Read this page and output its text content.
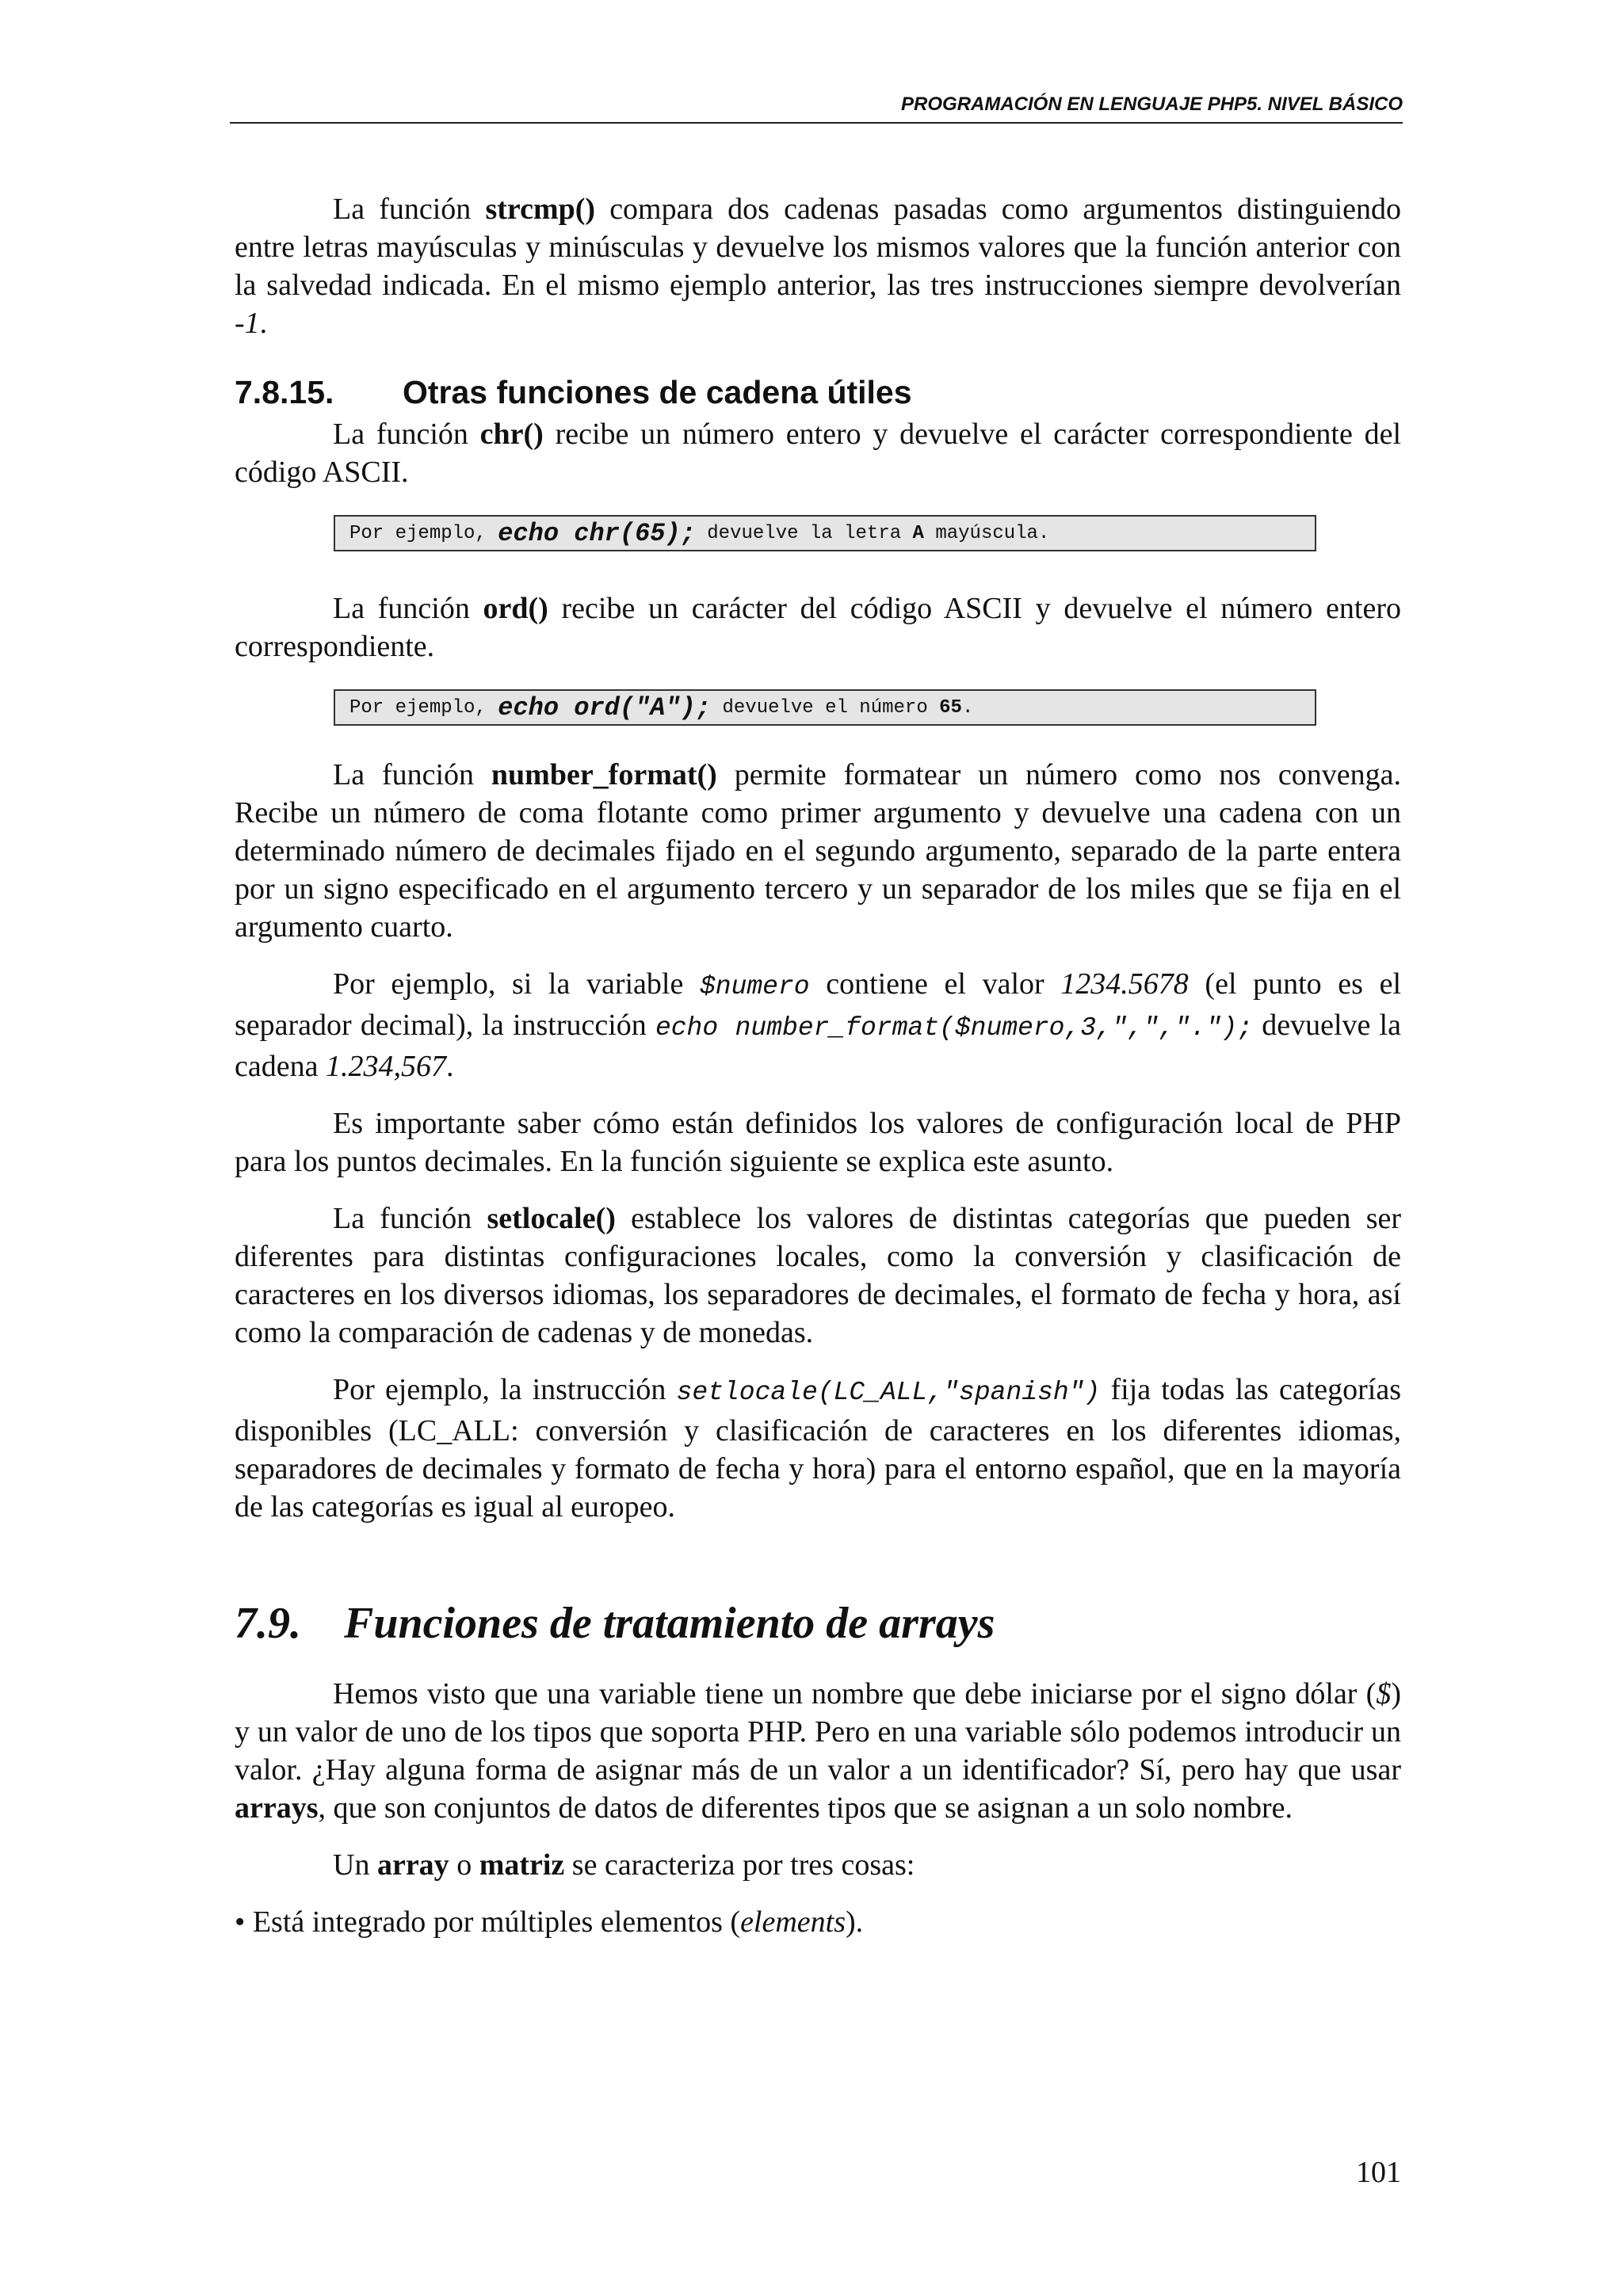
PROGRAMACIÓN EN LENGUAJE PHP5. NIVEL BÁSICO

La función strcmp() compara dos cadenas pasadas como argumentos distinguiendo entre letras mayúsculas y minúsculas y devuelve los mismos valores que la función anterior con la salvedad indicada. En el mismo ejemplo anterior, las tres instrucciones siempre devolverían -1.

7.8.15. Otras funciones de cadena útiles

La función chr() recibe un número entero y devuelve el carácter correspondiente del código ASCII.

Por ejemplo, echo chr(65); devuelve la letra A mayúscula.

La función ord() recibe un carácter del código ASCII y devuelve el número entero correspondiente.

Por ejemplo, echo ord("A"); devuelve el número 65 .

La función number_format() permite formatear un número como nos convenga. Recibe un número de coma flotante como primer argumento y devuelve una cadena con un determinado número de decimales fijado en el segundo argumento, separado de la parte entera por un signo especificado en el argumento tercero y un separador de los miles que se fija en el argumento cuarto.

Por ejemplo, si la variable $numero contiene el valor 1234.5678 (el punto es el separador decimal), la instrucción echo number_format($numero,3,",","."); devuelve la cadena 1.234,567.

Es importante saber cómo están definidos los valores de configuración local de PHP para los puntos decimales. En la función siguiente se explica este asunto.

La función setlocale() establece los valores de distintas categorías que pueden ser diferentes para distintas configuraciones locales, como la conversión y clasificación de caracteres en los diversos idiomas, los separadores de decimales, el formato de fecha y hora, así como la comparación de cadenas y de monedas.

Por ejemplo, la instrucción setlocale(LC_ALL,"spanish") fija todas las categorías disponibles (LC_ALL: conversión y clasificación de caracteres en los diferentes idiomas, separadores de decimales y formato de fecha y hora) para el entorno español, que en la mayoría de las categorías es igual al europeo.

7.9. Funciones de tratamiento de arrays

Hemos visto que una variable tiene un nombre que debe iniciarse por el signo dólar ($) y un valor de uno de los tipos que soporta PHP. Pero en una variable sólo podemos introducir un valor. ¿Hay alguna forma de asignar más de un valor a un identificador? Sí, pero hay que usar arrays, que son conjuntos de datos de diferentes tipos que se asignan a un solo nombre.

Un array o matriz se caracteriza por tres cosas:

• Está integrado por múltiples elementos (elements).
101
